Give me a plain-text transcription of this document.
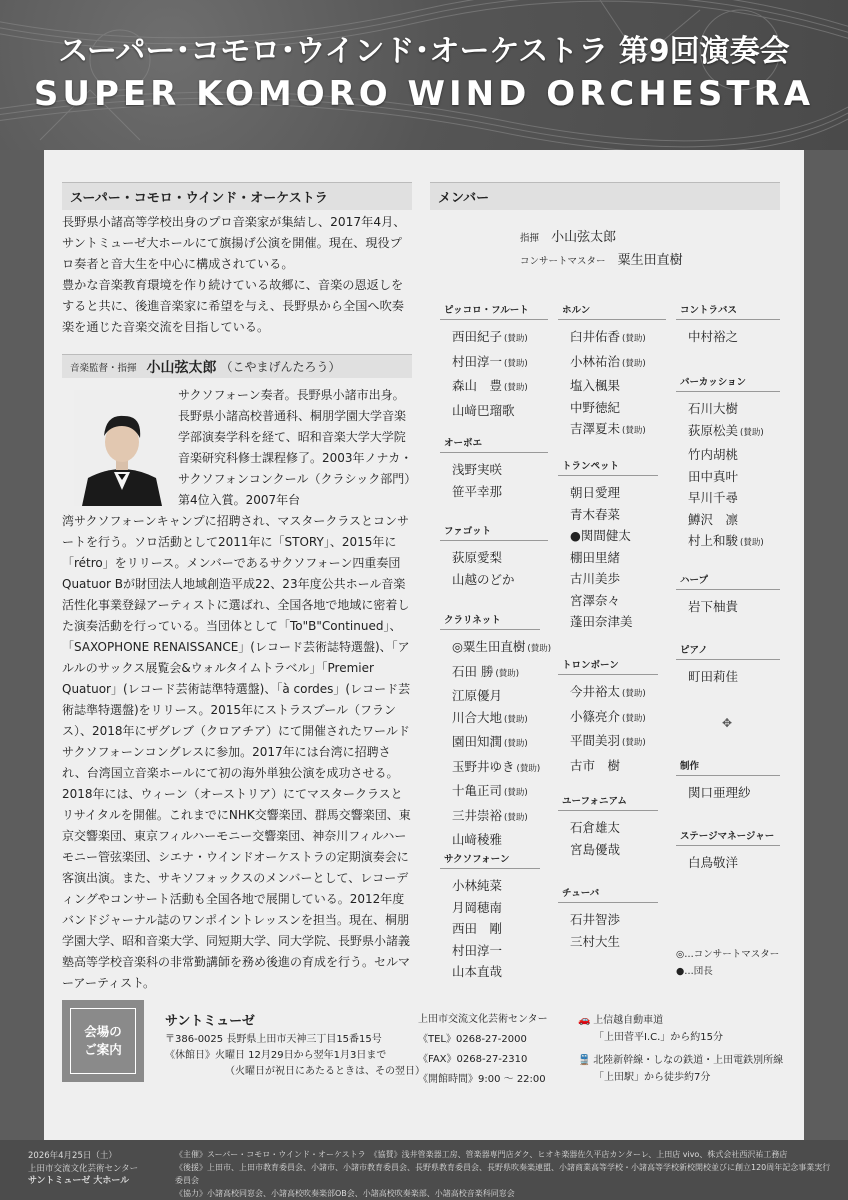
スーパー･コモロ･ウインド･オーケストラ 第9回演奏会
SUPER KOMORO WIND ORCHESTRA
スーパー・コモロ・ウインド・オーケストラ
長野県小諸高等学校出身のプロ音楽家が集結し、2017年4月、サントミューゼ大ホールにて旗揚げ公演を開催。現在、現役プロ奏者と音大生を中心に構成されている。
豊かな音楽教育環境を作り続けている故郷に、音楽の恩返しをすると共に、後進音楽家に希望を与え、長野県から全国へ吹奏楽を通じた音楽交流を目指している。
音楽監督・指揮 小山弦太郎 （こやまげんたろう）
サクソフォーン奏者。長野県小諸市出身。長野県小諸高校普通科、桐朋学園大学音楽学部演奏学科を経て、昭和音楽大学大学院音楽研究科修士課程修了。2003年ノナカ・サクソフォンコンクール（クラシック部門）第4位入賞。2007年台
湾サクソフォーンキャンプに招聘され、マスタークラスとコンサートを行う。ソロ活動として2011年に「STORY」、2015年に「rétro」をリリース。メンバーであるサクソフォーン四重奏団Quatuor Bが財団法人地域創造平成22、23年度公共ホール音楽活性化事業登録アーティストに選ばれ、全国各地で地域に密着した演奏活動を行っている。当団体として「To"B"Continued」、「SAXOPHONE RENAISSANCE」(レコード芸術誌特選盤)、「アルルのサックス展覧会&ウォルタイムトラベル」「Premier Quatuor」(レコード芸術誌準特選盤)、「à cordes」(レコード芸術誌準特選盤)をリリース。2015年にストラスブール（フランス）、2018年にザグレブ（クロアチア）にて開催されたワールドサクソフォーンコングレスに参加。2017年には台湾に招聘され、台湾国立音楽ホールにて初の海外単独公演を成功させる。2018年には、ウィーン（オーストリア）にてマスタークラスとリサイタルを開催。これまでにNHK交響楽団、群馬交響楽団、東京交響楽団、東京フィルハーモニー交響楽団、神奈川フィルハーモニー管弦楽団、シエナ・ウインドオーケストラの定期演奏会に客演出演。また、サキソフォックスのメンバーとして、レコーディングやコンサート活動も全国各地で展開している。2012年度バンドジャーナル誌のワンポイントレッスンを担当。現在、桐朋学園大学、昭和音楽大学、同短期大学、同大学院、長野県小諸義塾高等学校音楽科の非常勤講師を務め後進の育成を行う。セルマーアーティスト。
メンバー
指揮 小山弦太郎
コンサートマスター 粟生田直樹
ピッコロ・フルート
西田紀子 (賛助)
村田淳一 (賛助)
森山　豊 (賛助)
山﨑巴瑠歌
オーボエ
浅野実咲
笹平幸那
ファゴット
荻原愛梨
山越のどか
クラリネット
◎粟生田直樹 (賛助)
石田 勝 (賛助)
江原優月
川合大地 (賛助)
園田知潤 (賛助)
玉野井ゆき (賛助)
十亀正司 (賛助)
三井崇裕 (賛助)
山﨑稜雅
サクソフォーン
小林純菜
月岡穂南
西田　剛
村田淳一
山本直哉
ホルン
臼井佑香 (賛助)
小林祐治 (賛助)
塩入楓果
中野徳紀
吉澤夏未 (賛助)
トランペット
朝日愛理
青木春菜
●関間健太
棚田里緒
古川美歩
宮澤奈々
蓬田奈津美
トロンボーン
今井裕太 (賛助)
小篠亮介 (賛助)
平間美羽 (賛助)
古市　樹
ユーフォニアム
石倉雄太
宮島優哉
チューバ
石井智渉
三村大生
コントラバス
中村裕之
パーカッション
石川大樹
荻原松美 (賛助)
竹内胡桃
田中真叶
早川千尋
鱒沢　凛
村上和駿 (賛助)
ハープ
岩下柚貴
ピアノ
町田莉佳
制作
関口亜理紗
ステージマネージャー
白鳥敬洋
✥
◎…コンサートマスター
●…団長
会場の
ご案内
サントミューゼ
〒386-0025 長野県上田市天神三丁目15番15号
《休館日》火曜日 12月29日から翌年1月3日まで
（火曜日が祝日にあたるときは、その翌日）
上田市交流文化芸術センター
《TEL》0268-27-2000
《FAX》0268-27-2310
《開館時間》9:00 〜 22:00
🚗 上信越自動車道
「上田菅平I.C.」から約15分
🚆 北陸新幹線・しなの鉄道・上田電鉄別所線
「上田駅」から徒歩約7分
2026年4月25日（土）
上田市交流文化芸術センター
サントミューゼ 大ホール
《主催》スーパー・コモロ・ウインド・オーケストラ　《協賛》浅井管楽器工房、管楽器専門店ダク、ヒオキ楽器佐久平店カンターレ、上田店 vivo、株式会社西沢祐工務店
《後援》上田市、上田市教育委員会、小諸市、小諸市教育委員会、長野県教育委員会、長野県吹奏楽連盟、小諸商業高等学校・小諸高等学校新校開校並びに創立120周年記念事業実行委員会
《協力》小諸高校同窓会、小諸高校吹奏楽部OB会、小諸高校吹奏楽部、小諸高校音楽科同窓会
